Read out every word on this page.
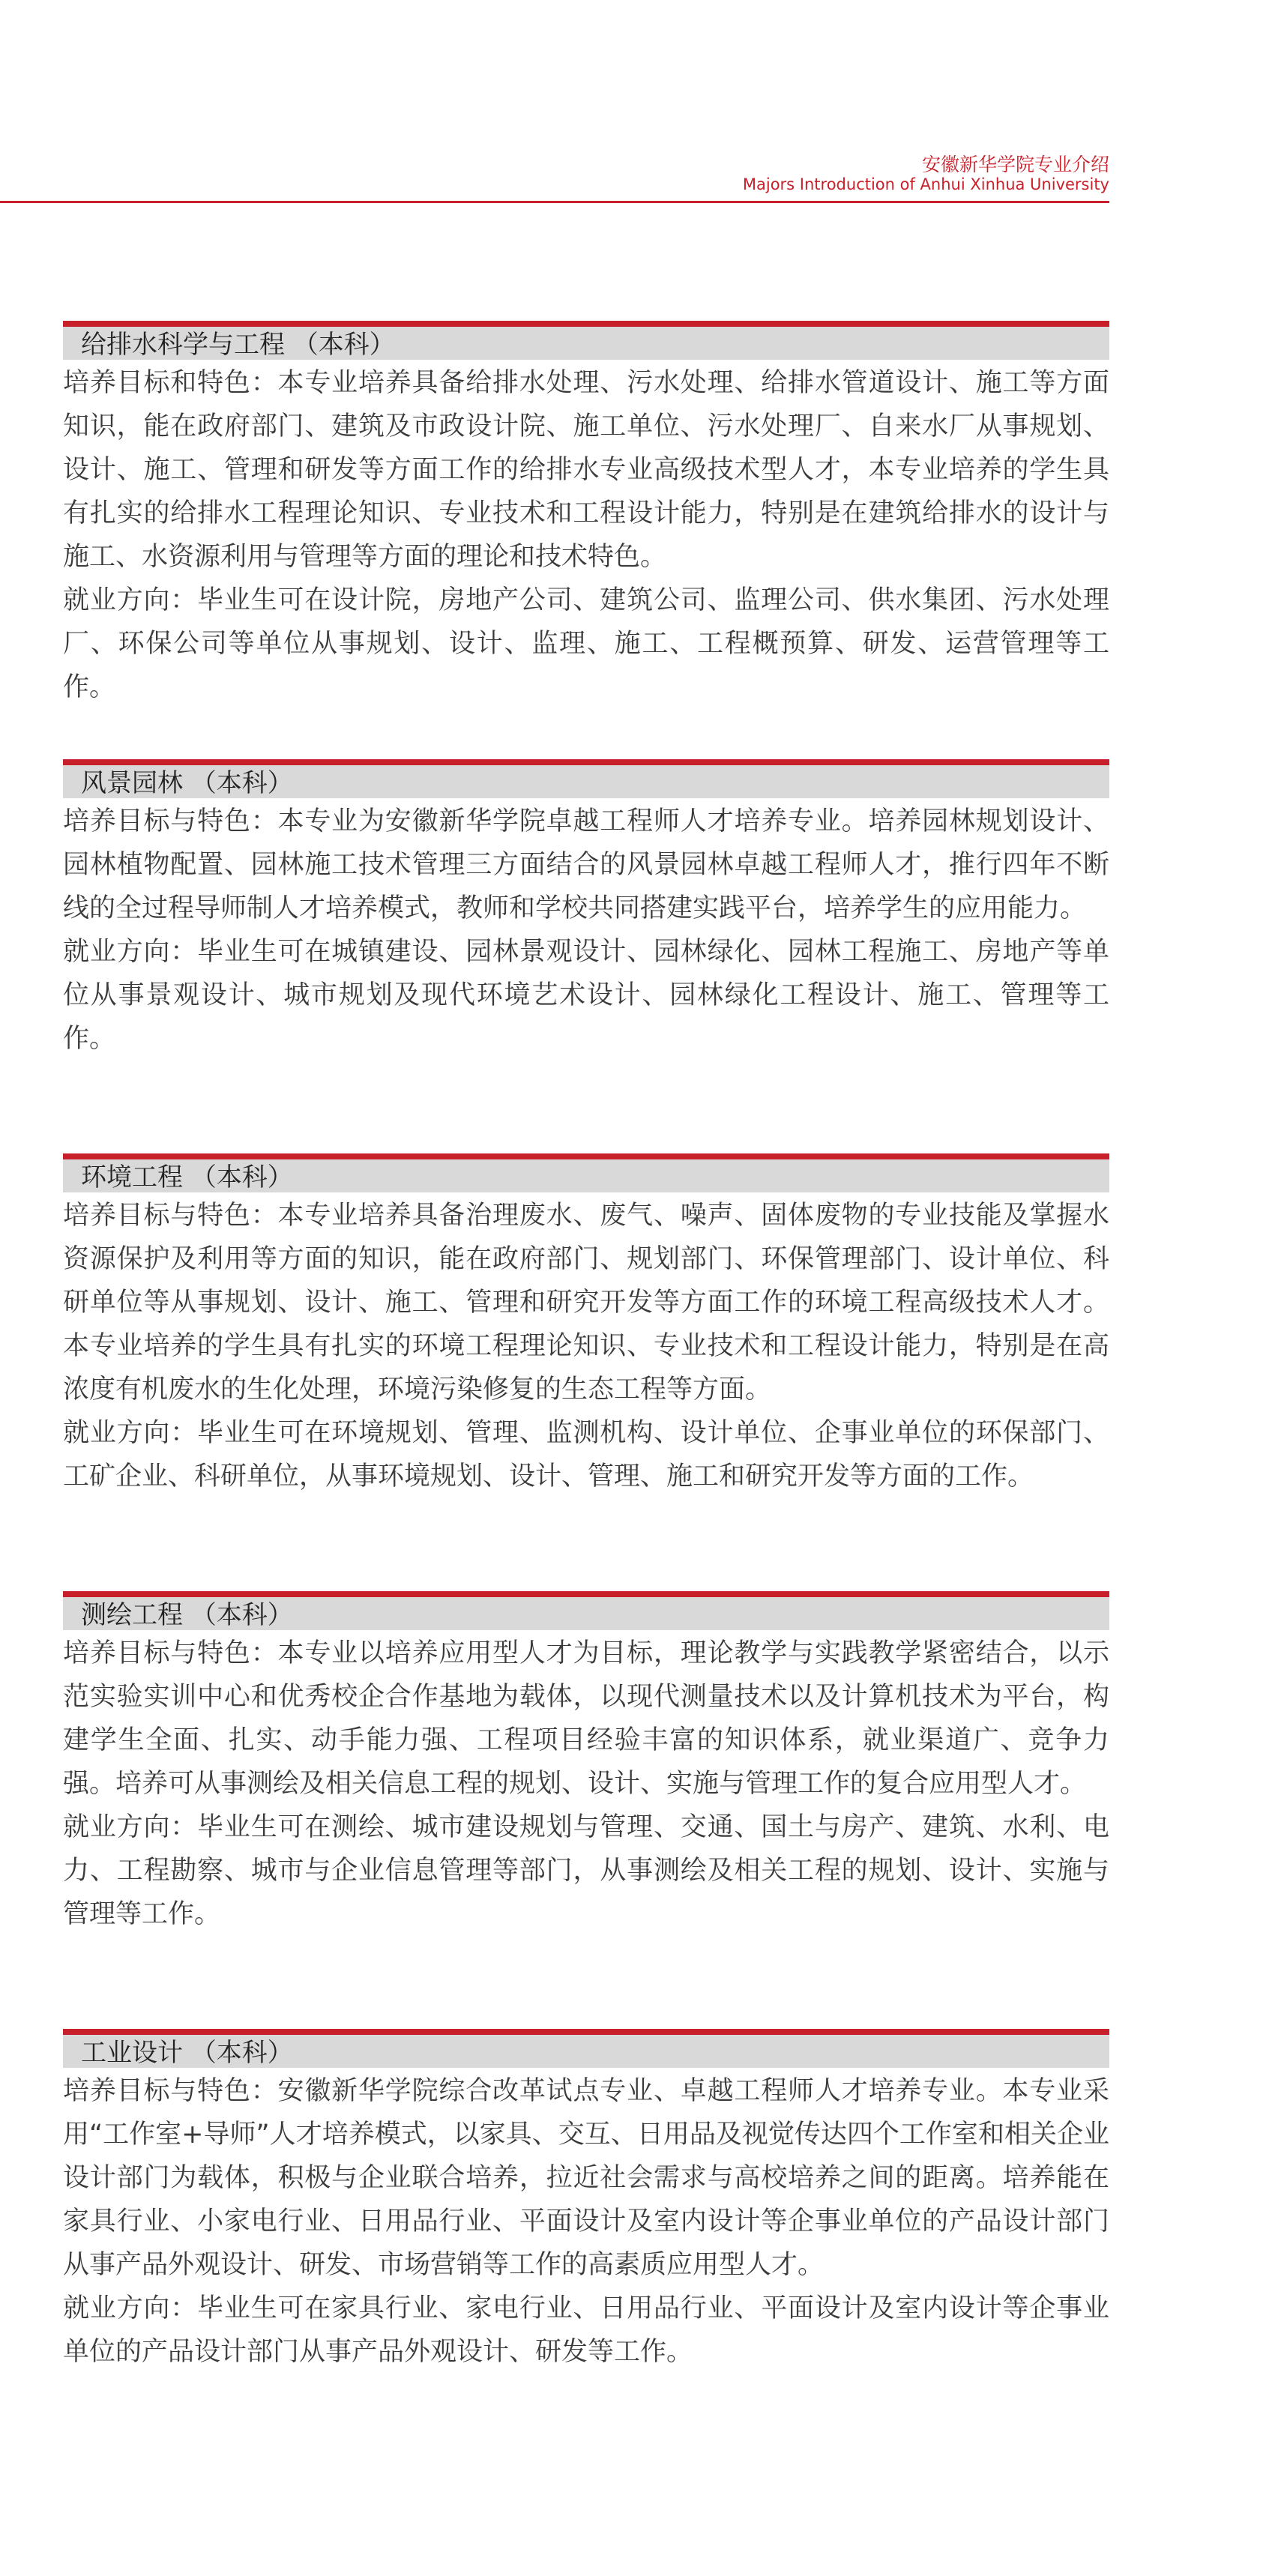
安徽新华学院专业介绍
Majors Introduction of Anhui Xinhua University
给排水科学与工程 （本科）

培养目标和特色：本专业培养具备给排水处理、污水处理、给排水管道设计、施工等方面知识，能在政府部门、建筑及市政设计院、施工单位、污水处理厂、自来水厂从事规划、设计、施工、管理和研发等方面工作的给排水专业高级技术型人才，本专业培养的学生具有扎实的给排水工程理论知识、专业技术和工程设计能力，特别是在建筑给排水的设计与施工、水资源利用与管理等方面的理论和技术特色。

就业方向：毕业生可在设计院，房地产公司、建筑公司、监理公司、供水集团、污水处理厂、环保公司等单位从事规划、设计、监理、施工、工程概预算、研发、运营管理等工作。

风景园林 （本科）

培养目标与特色：本专业为安徽新华学院卓越工程师人才培养专业。培养园林规划设计、园林植物配置、园林施工技术管理三方面结合的风景园林卓越工程师人才，推行四年不断线的全过程导师制人才培养模式，教师和学校共同搭建实践平台，培养学生的应用能力。

就业方向：毕业生可在城镇建设、园林景观设计、园林绿化、园林工程施工、房地产等单位从事景观设计、城市规划及现代环境艺术设计、园林绿化工程设计、施工、管理等工作。

环境工程 （本科）

培养目标与特色：本专业培养具备治理废水、废气、噪声、固体废物的专业技能及掌握水资源保护及利用等方面的知识，能在政府部门、规划部门、环保管理部门、设计单位、科研单位等从事规划、设计、施工、管理和研究开发等方面工作的环境工程高级技术人才。本专业培养的学生具有扎实的环境工程理论知识、专业技术和工程设计能力，特别是在高浓度有机废水的生化处理，环境污染修复的生态工程等方面。

就业方向：毕业生可在环境规划、管理、监测机构、设计单位、企事业单位的环保部门、工矿企业、科研单位，从事环境规划、设计、管理、施工和研究开发等方面的工作。

测绘工程 （本科）

培养目标与特色：本专业以培养应用型人才为目标，理论教学与实践教学紧密结合，以示范实验实训中心和优秀校企合作基地为载体，以现代测量技术以及计算机技术为平台，构建学生全面、扎实、动手能力强、工程项目经验丰富的知识体系，就业渠道广、竞争力强。培养可从事测绘及相关信息工程的规划、设计、实施与管理工作的复合应用型人才。

就业方向：毕业生可在测绘、城市建设规划与管理、交通、国土与房产、建筑、水利、电力、工程勘察、城市与企业信息管理等部门，从事测绘及相关工程的规划、设计、实施与管理等工作。

工业设计 （本科）

培养目标与特色：安徽新华学院综合改革试点专业、卓越工程师人才培养专业。本专业采用“工作室+导师”人才培养模式，以家具、交互、日用品及视觉传达四个工作室和相关企业设计部门为载体，积极与企业联合培养，拉近社会需求与高校培养之间的距离。培养能在家具行业、小家电行业、日用品行业、平面设计及室内设计等企事业单位的产品设计部门从事产品外观设计、研发、市场营销等工作的高素质应用型人才。

就业方向：毕业生可在家具行业、家电行业、日用品行业、平面设计及室内设计等企事业单位的产品设计部门从事产品外观设计、研发等工作。
